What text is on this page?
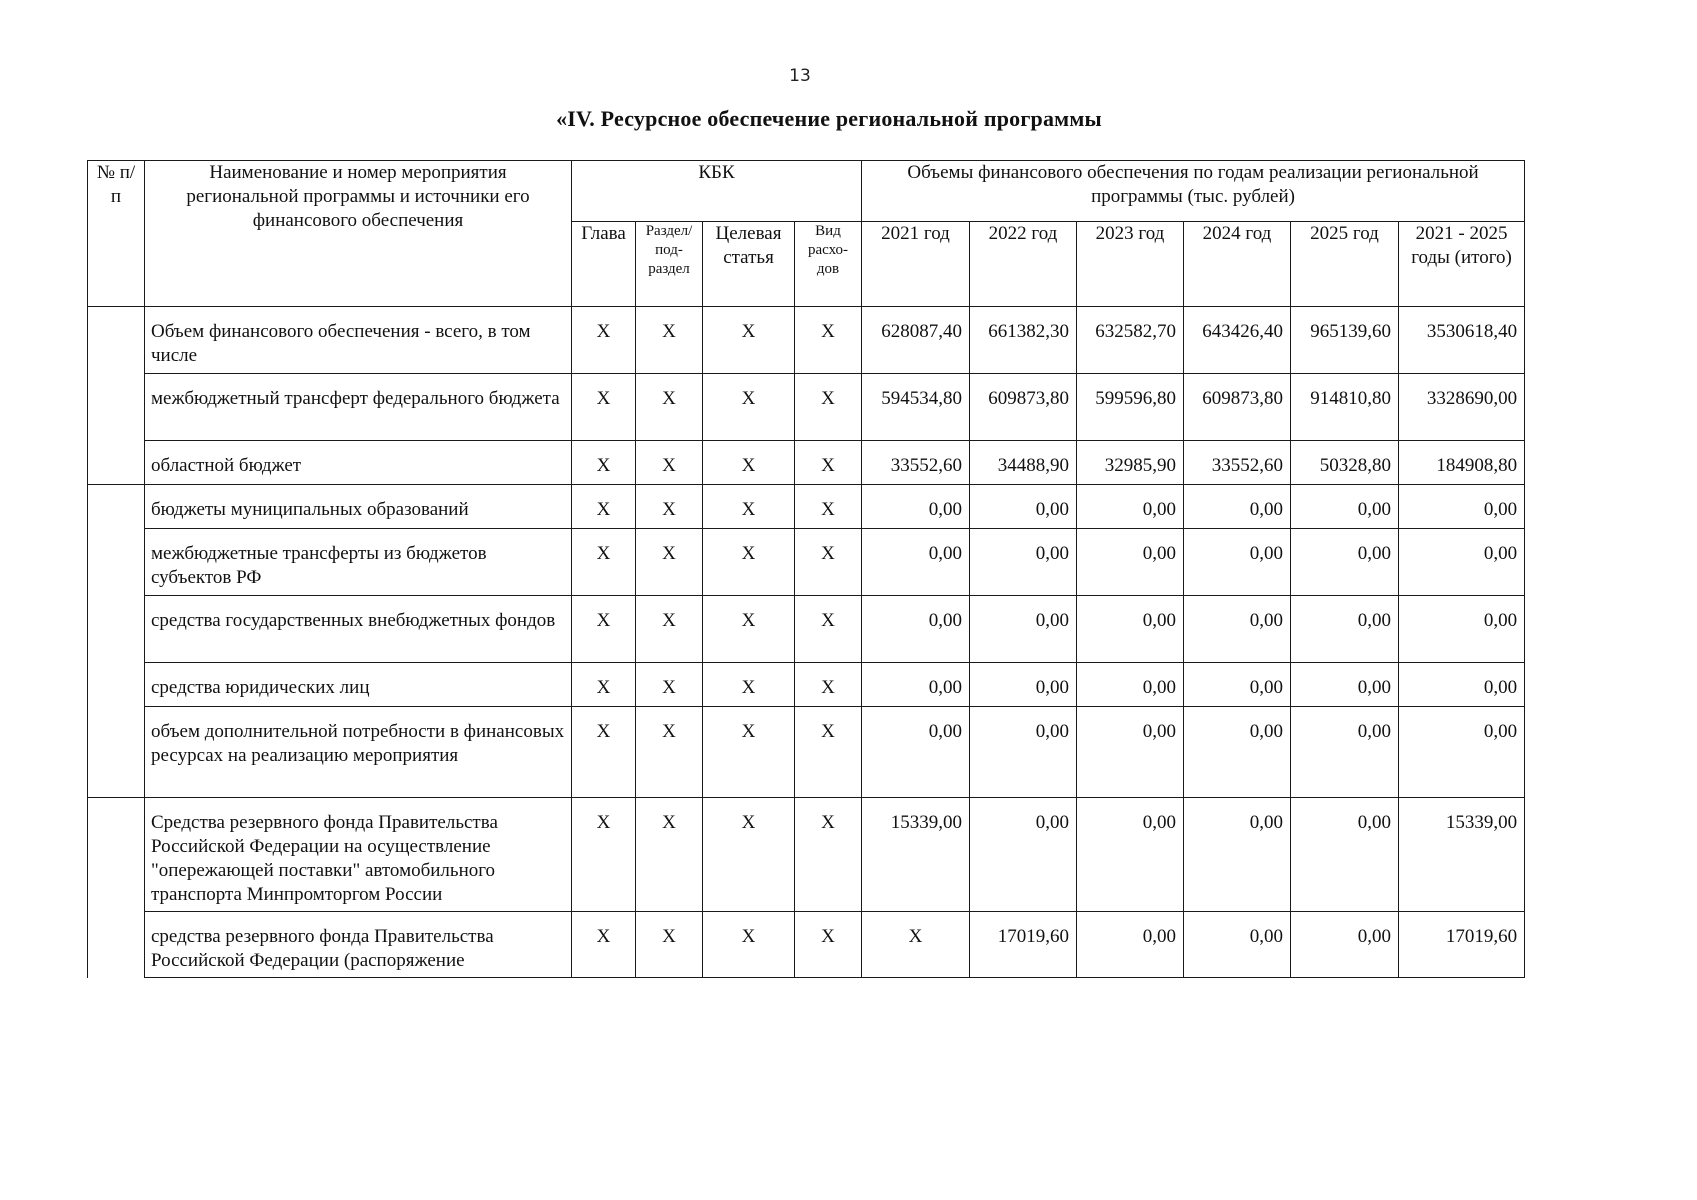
13
«IV. Ресурсное обеспечение региональной программы
№ п/п	Наименование и номер мероприятия региональной программы и источники его финансового обеспечения	КБК				Объемы финансового обеспечения по годам реализации региональной программы (тыс. рублей)					
		Глава	Раздел/ под-раздел	Целевая статья	Вид расхо-дов	2021 год	2022 год	2023 год	2024 год	2025 год	2021 - 2025 годы (итого)
	Объем финансового обеспечения - всего, в том числе	X	X	X	X	628087,40	661382,30	632582,70	643426,40	965139,60	3530618,40
	межбюджетный трансферт федерального бюджета	X	X	X	X	594534,80	609873,80	599596,80	609873,80	914810,80	3328690,00
	областной бюджет	X	X	X	X	33552,60	34488,90	32985,90	33552,60	50328,80	184908,80
	бюджеты муниципальных образований	X	X	X	X	0,00	0,00	0,00	0,00	0,00	0,00
	межбюджетные трансферты из бюджетов субъектов РФ	X	X	X	X	0,00	0,00	0,00	0,00	0,00	0,00
	средства государственных внебюджетных фондов	X	X	X	X	0,00	0,00	0,00	0,00	0,00	0,00
	средства юридических лиц	X	X	X	X	0,00	0,00	0,00	0,00	0,00	0,00
	объем дополнительной потребности в финансовых ресурсах на реализацию мероприятия	X	X	X	X	0,00	0,00	0,00	0,00	0,00	0,00
	Средства резервного фонда Правительства Российской Федерации на осуществление "опережающей поставки" автомобильного транспорта Минпромторгом России	X	X	X	X	15339,00	0,00	0,00	0,00	0,00	15339,00
	средства резервного фонда Правительства Российской Федерации (распоряжение	X	X	X	X	X	17019,60	0,00	0,00	0,00	17019,60
